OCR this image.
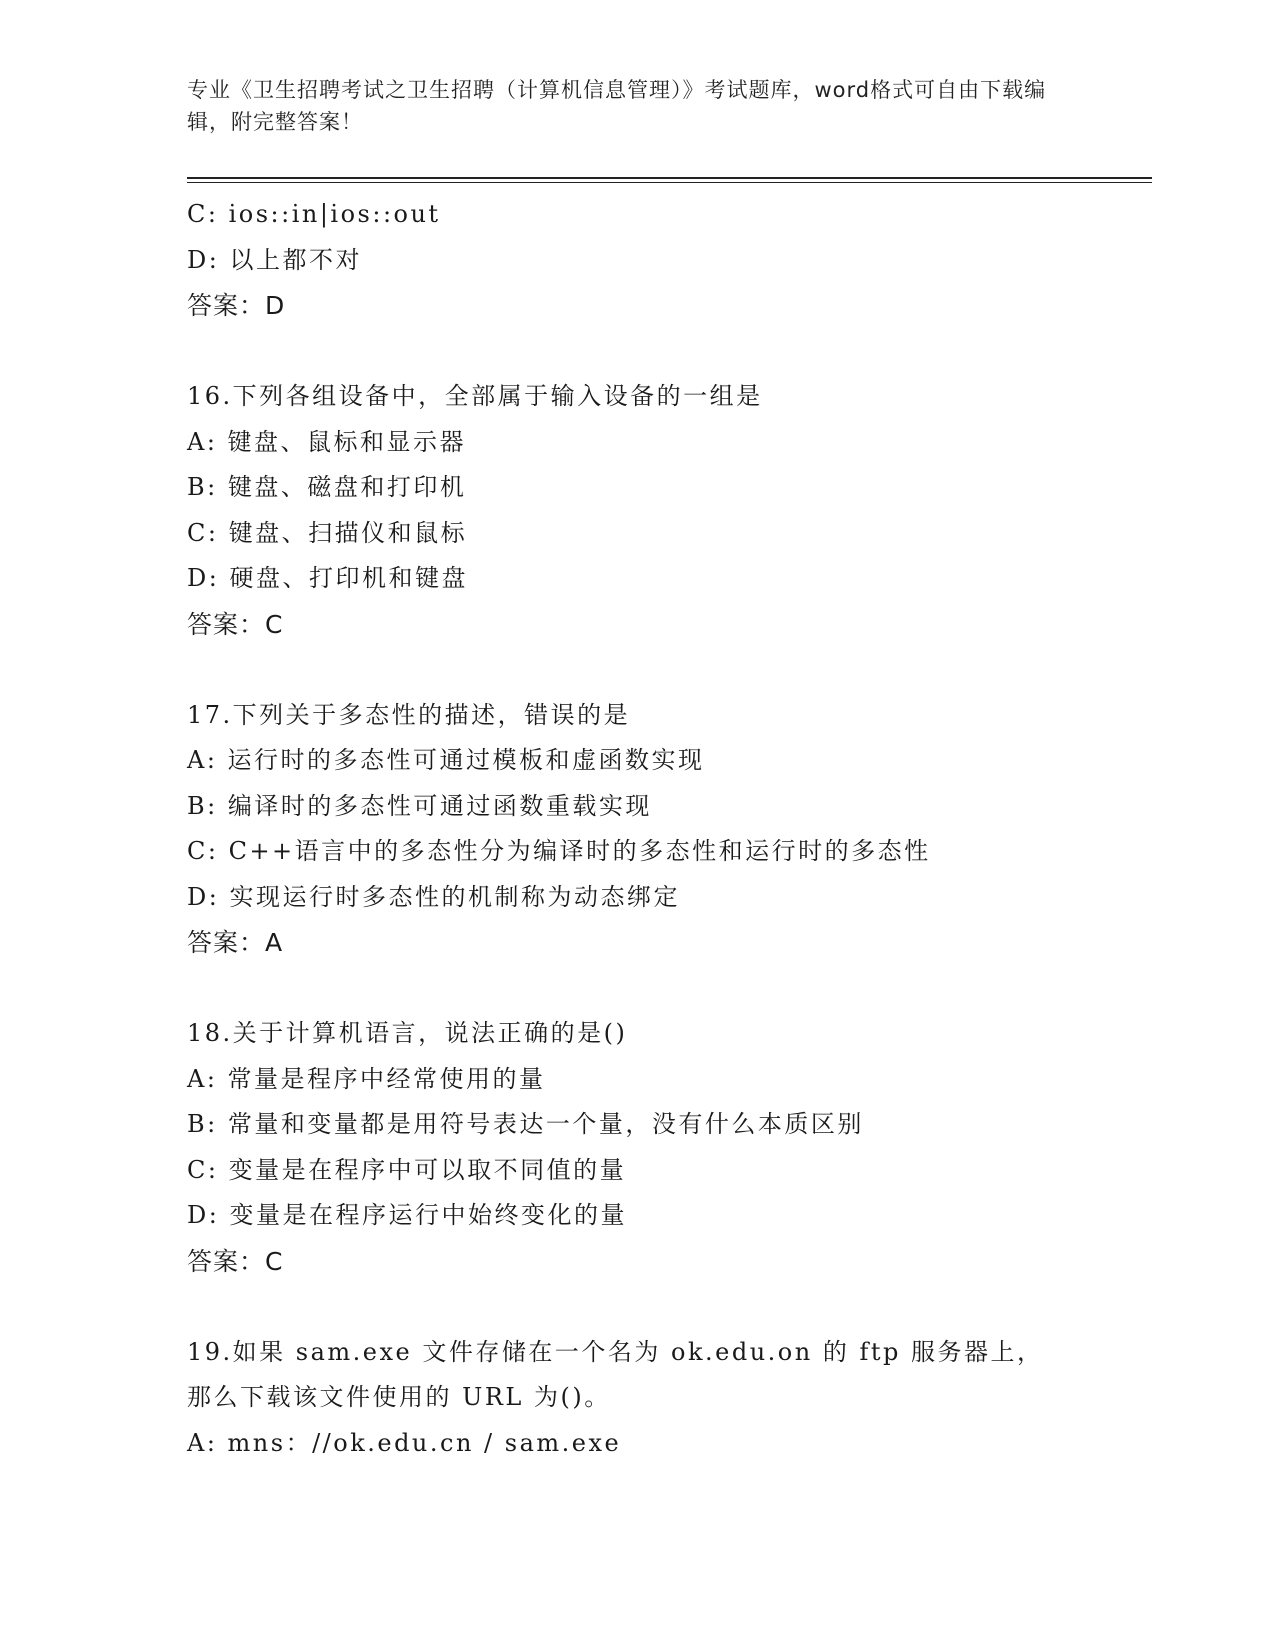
专业《卫生招聘考试之卫生招聘（计算机信息管理）》考试题库，word格式可自由下载编辑，附完整答案！
C: ios::in|ios::out
D: 以上都不对
答案：D
16.下列各组设备中，全部属于输入设备的一组是
A: 键盘、鼠标和显示器
B: 键盘、磁盘和打印机
C: 键盘、扫描仪和鼠标
D: 硬盘、打印机和键盘
答案：C
17.下列关于多态性的描述，错误的是
A: 运行时的多态性可通过模板和虚函数实现
B: 编译时的多态性可通过函数重载实现
C: C++语言中的多态性分为编译时的多态性和运行时的多态性
D: 实现运行时多态性的机制称为动态绑定
答案：A
18.关于计算机语言，说法正确的是()
A: 常量是程序中经常使用的量
B: 常量和变量都是用符号表达一个量，没有什么本质区别
C: 变量是在程序中可以取不同值的量
D: 变量是在程序运行中始终变化的量
答案：C
19.如果 sam.exe 文件存储在一个名为 ok.edu.on 的 ftp 服务器上，那么下载该文件使用的 URL 为()。
A: mns：//ok.edu.cn / sam.exe
